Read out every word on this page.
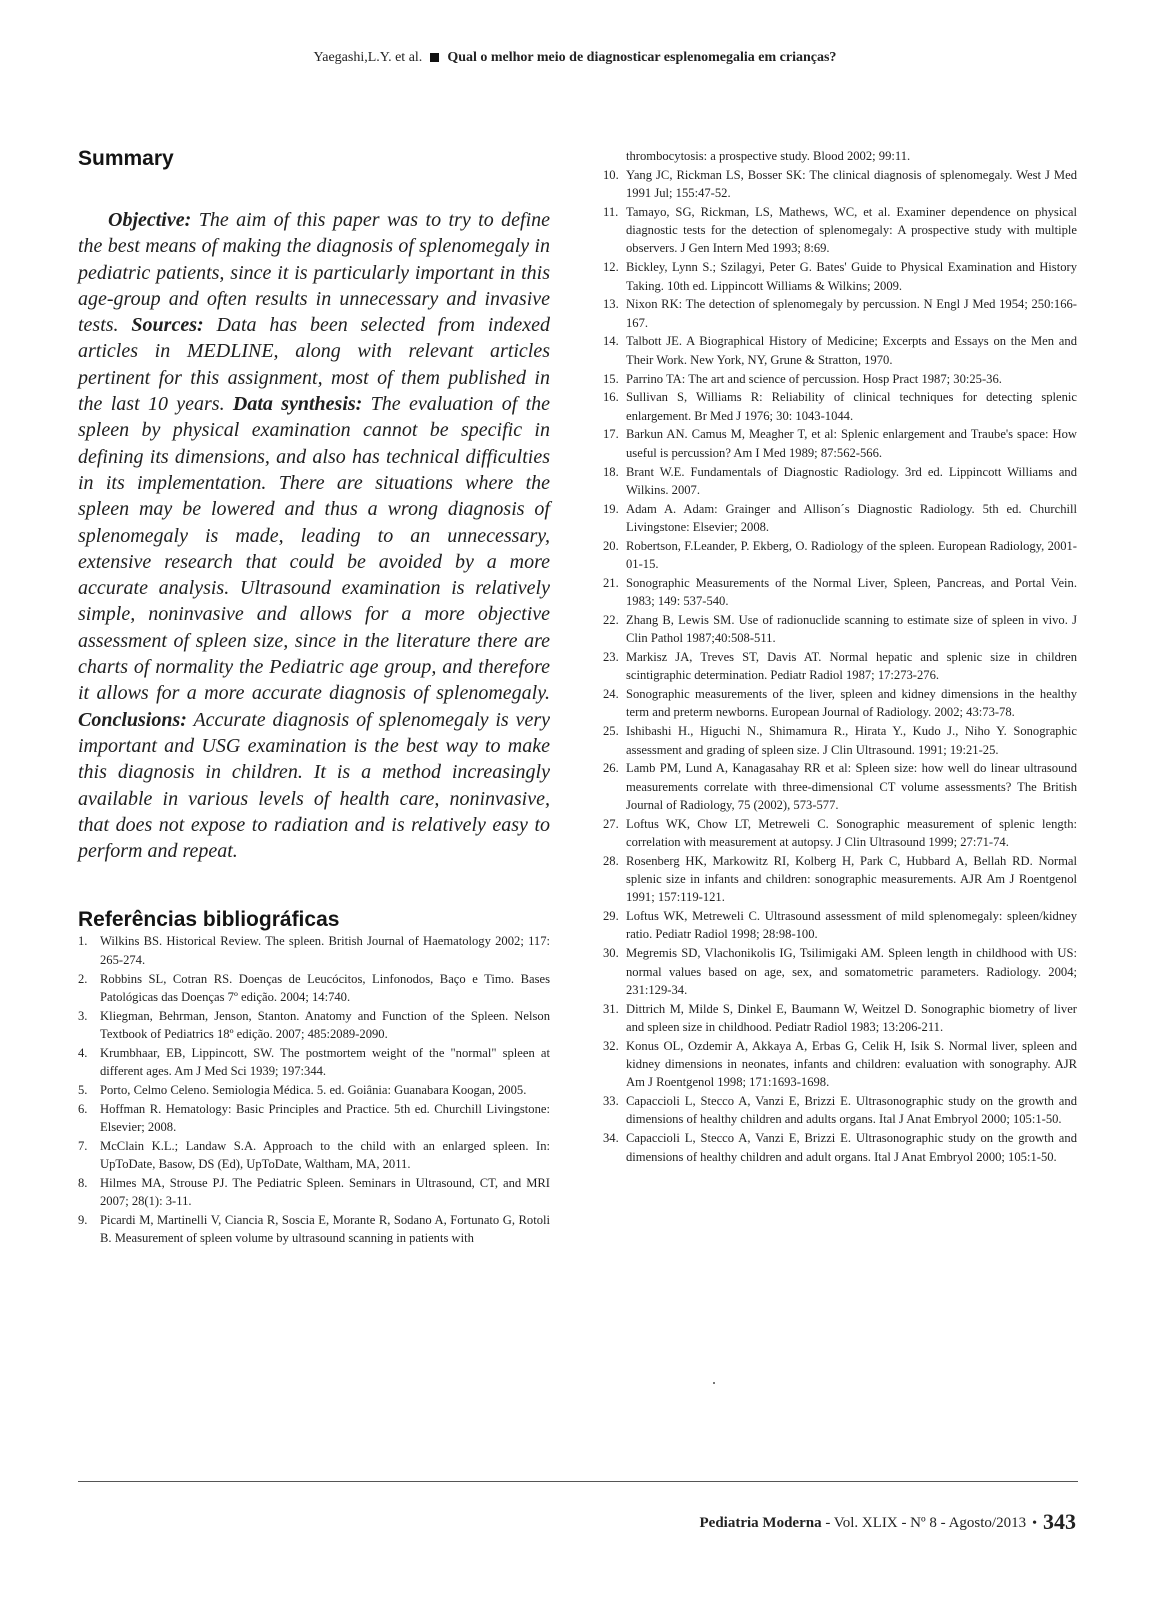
Yaegashi,L.Y. et al. Qual o melhor meio de diagnosticar esplenomegalia em crianças?
Summary

Objective: The aim of this paper was to try to define the best means of making the diagnosis of splenomegaly in pediatric patients, since it is particularly important in this age-group and often results in unnecessary and invasive tests. Sources: Data has been selected from indexed articles in MEDLINE, along with relevant articles pertinent for this assignment, most of them published in the last 10 years. Data synthesis: The evaluation of the spleen by physical examination cannot be specific in defining its dimensions, and also has technical difficulties in its implementation. There are situations where the spleen may be lowered and thus a wrong diagnosis of splenomegaly is made, leading to an unnecessary, extensive research that could be avoided by a more accurate analysis. Ultrasound examination is relatively simple, noninvasive and allows for a more objective assessment of spleen size, since in the literature there are charts of normality the Pediatric age group, and therefore it allows for a more accurate diagnosis of splenomegaly. Conclusions: Accurate diagnosis of splenomegaly is very important and USG examination is the best way to make this diagnosis in children. It is a method increasingly available in various levels of health care, noninvasive, that does not expose to radiation and is relatively easy to perform and repeat.

Referências bibliográficas
1. Wilkins BS. Historical Review. The spleen. British Journal of Haematology 2002; 117: 265-274.
2. Robbins SL, Cotran RS. Doenças de Leucócitos, Linfonodos, Baço e Timo. Bases Patológicas das Doenças 7º edição. 2004; 14:740.
3. Kliegman, Behrman, Jenson, Stanton. Anatomy and Function of the Spleen. Nelson Textbook of Pediatrics 18º edição. 2007; 485:2089-2090.
4. Krumbhaar, EB, Lippincott, SW. The postmortem weight of the "normal" spleen at different ages. Am J Med Sci 1939; 197:344.
5. Porto, Celmo Celeno. Semiologia Médica. 5. ed. Goiânia: Guanabara Koogan, 2005.
6. Hoffman R. Hematology: Basic Principles and Practice. 5th ed. Churchill Livingstone: Elsevier; 2008.
7. McClain K.L.; Landaw S.A. Approach to the child with an enlarged spleen. In: UpToDate, Basow, DS (Ed), UpToDate, Waltham, MA, 2011.
8. Hilmes MA, Strouse PJ. The Pediatric Spleen. Seminars in Ultrasound, CT, and MRI 2007; 28(1): 3-11.
9. Picardi M, Martinelli V, Ciancia R, Soscia E, Morante R, Sodano A, Fortunato G, Rotoli B. Measurement of spleen volume by ultrasound scanning in patients with
thrombocytosis: a prospective study. Blood 2002; 99:11.
10. Yang JC, Rickman LS, Bosser SK: The clinical diagnosis of splenomegaly. West J Med 1991 Jul; 155:47-52.
11. Tamayo, SG, Rickman, LS, Mathews, WC, et al. Examiner dependence on physical diagnostic tests for the detection of splenomegaly: A prospective study with multiple observers. J Gen Intern Med 1993; 8:69.
12. Bickley, Lynn S.; Szilagyi, Peter G. Bates' Guide to Physical Examination and History Taking. 10th ed. Lippincott Williams & Wilkins; 2009.
13. Nixon RK: The detection of splenomegaly by percussion. N Engl J Med 1954; 250:166-167.
14. Talbott JE. A Biographical History of Medicine; Excerpts and Essays on the Men and Their Work. New York, NY, Grune & Stratton, 1970.
15. Parrino TA: The art and science of percussion. Hosp Pract 1987; 30:25-36.
16. Sullivan S, Williams R: Reliability of clinical techniques for detecting splenic enlargement. Br Med J 1976; 30: 1043-1044.
17. Barkun AN. Camus M, Meagher T, et al: Splenic enlargement and Traube's space: How useful is percussion? Am I Med 1989; 87:562-566.
18. Brant W.E. Fundamentals of Diagnostic Radiology. 3rd ed. Lippincott Williams and Wilkins. 2007.
19. Adam A. Adam: Grainger and Allison´s Diagnostic Radiology. 5th ed. Churchill Livingstone: Elsevier; 2008.
20. Robertson, F.Leander, P. Ekberg, O. Radiology of the spleen. European Radiology, 2001-01-15.
21. Sonographic Measurements of the Normal Liver, Spleen, Pancreas, and Portal Vein. 1983; 149: 537-540.
22. Zhang B, Lewis SM. Use of radionuclide scanning to estimate size of spleen in vivo. J Clin Pathol 1987;40:508-511.
23. Markisz JA, Treves ST, Davis AT. Normal hepatic and splenic size in children scintigraphic determination. Pediatr Radiol 1987; 17:273-276.
24. Sonographic measurements of the liver, spleen and kidney dimensions in the healthy term and preterm newborns. European Journal of Radiology. 2002; 43:73-78.
25. Ishibashi H., Higuchi N., Shimamura R., Hirata Y., Kudo J., Niho Y. Sonographic assessment and grading of spleen size. J Clin Ultrasound. 1991; 19:21-25.
26. Lamb PM, Lund A, Kanagasahay RR et al: Spleen size: how well do linear ultrasound measurements correlate with three-dimensional CT volume assessments? The British Journal of Radiology, 75 (2002), 573-577.
27. Loftus WK, Chow LT, Metreweli C. Sonographic measurement of splenic length: correlation with measurement at autopsy. J Clin Ultrasound 1999; 27:71-74.
28. Rosenberg HK, Markowitz RI, Kolberg H, Park C, Hubbard A, Bellah RD. Normal splenic size in infants and children: sonographic measurements. AJR Am J Roentgenol 1991; 157:119-121.
29. Loftus WK, Metreweli C. Ultrasound assessment of mild splenomegaly: spleen/kidney ratio. Pediatr Radiol 1998; 28:98-100.
30. Megremis SD, Vlachonikolis IG, Tsilimigaki AM. Spleen length in childhood with US: normal values based on age, sex, and somatometric parameters. Radiology. 2004; 231:129-34.
31. Dittrich M, Milde S, Dinkel E, Baumann W, Weitzel D. Sonographic biometry of liver and spleen size in childhood. Pediatr Radiol 1983; 13:206-211.
32. Konus OL, Ozdemir A, Akkaya A, Erbas G, Celik H, Isik S. Normal liver, spleen and kidney dimensions in neonates, infants and children: evaluation with sonography. AJR Am J Roentgenol 1998; 171:1693-1698.
33. Capaccioli L, Stecco A, Vanzi E, Brizzi E. Ultrasonographic study on the growth and dimensions of healthy children and adults organs. Ital J Anat Embryol 2000; 105:1-50.
34. Capaccioli L, Stecco A, Vanzi E, Brizzi E. Ultrasonographic study on the growth and dimensions of healthy children and adult organs. Ital J Anat Embryol 2000; 105:1-50.
Pediatria Moderna - Vol. XLIX - Nº 8 - Agosto/2013 • 343
